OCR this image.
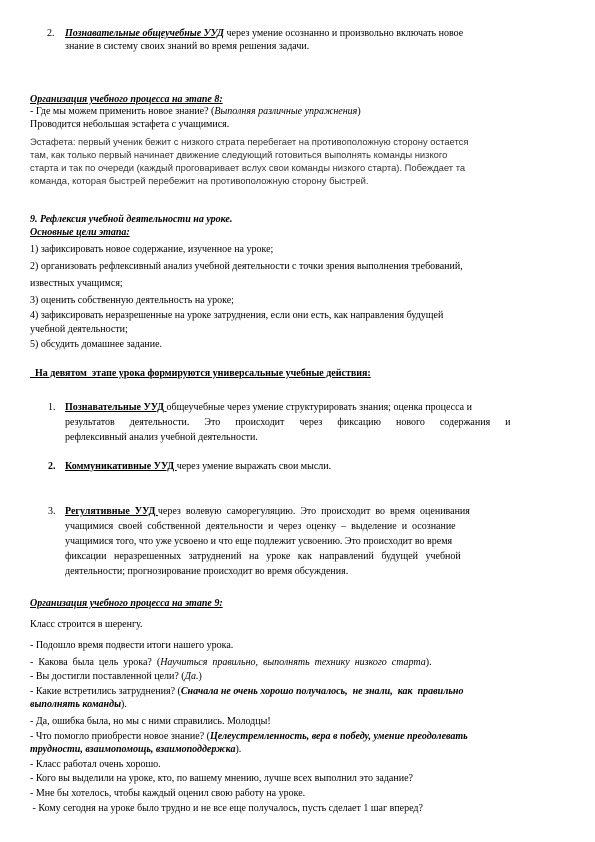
2. Познавательные общеучебные УУД через умение осознанно и произвольно включать новое
знание в систему своих знаний во время решения задачи.
Организация учебного процесса на этапе 8:
- Где мы можем применить новое знание? (Выполняя различные упражнения)
Проводится небольшая эстафета с учащимися.
Эстафета: первый ученик бежит с низкого страта перебегает на противоположную сторону остается
там, как только первый начинает движение следующий готовиться выполнять команды низкого
старта и так по очереди (каждый проговаривает вслух свои команды низкого старта). Побеждает та
команда, которая быстрей перебежит на противоположную сторону быстрей.
9. Рефлексия учебной деятельности на уроке.
Основные цели этапа:
1) зафиксировать новое содержание, изученное на уроке;
2) организовать рефлексивный анализ учебной деятельности с точки зрения выполнения требований,
известных учащимся;
3) оценить собственную деятельность на уроке;
4) зафиксировать неразрешенные на уроке затруднения, если они есть, как направления будущей
учебной деятельности;
5) обсудить домашнее задание.
На девятом  этапе урока формируются универсальные учебные действия:
1. Познавательные УУД общеучебные через умение структурировать знания; оценка процесса и
результатов      деятельности.      Это      происходит      через      фиксацию      нового      содержания      и
рефлексивный анализ учебной деятельности.
2. Коммуникативные УУД через умение выражать свои мысли.
3. Регулятивные  УУД через  волевую  саморегуляцию.  Это  происходит  во  время  оценивания
учащимися  своей  собственной  деятельности  и  через  оценку  –  выделение  и  осознание
учащимися того, что уже усвоено и что еще подлежит усвоению. Это происходит во время
фиксации   неразрешенных   затруднений   на   уроке   как   направлений   будущей   учебной
деятельности; прогнозирование происходит во время обсуждения.
Организация учебного процесса на этапе 9:
Класс строится в шеренгу.
- Подошло время подвести итоги нашего урока.
-  Какова  была  цель  урока?  (Научиться  правильно,  выполнять  технику  низкого  старта).
- Вы достигли поставленной цели? (Да.)
- Какие встретились затруднения? (Сначала не очень хорошо получалось,  не знали,  как  правильно
выполнять команды).
- Да, ошибка была, но мы с ними справились. Молодцы!
- Что помогло приобрести новое знание? (Целеустремленность, вера в победу, умение преодолевать
трудности, взаимопомощь, взаимоподдержка).
- Класс работал очень хорошо.
- Кого вы выделили на уроке, кто, по вашему мнению, лучше всех выполнил это задание?
- Мне бы хотелось, чтобы каждый оценил свою работу на уроке.
- Кому сегодня на уроке было трудно и не все еще получалось, пусть сделает 1 шаг вперед?
